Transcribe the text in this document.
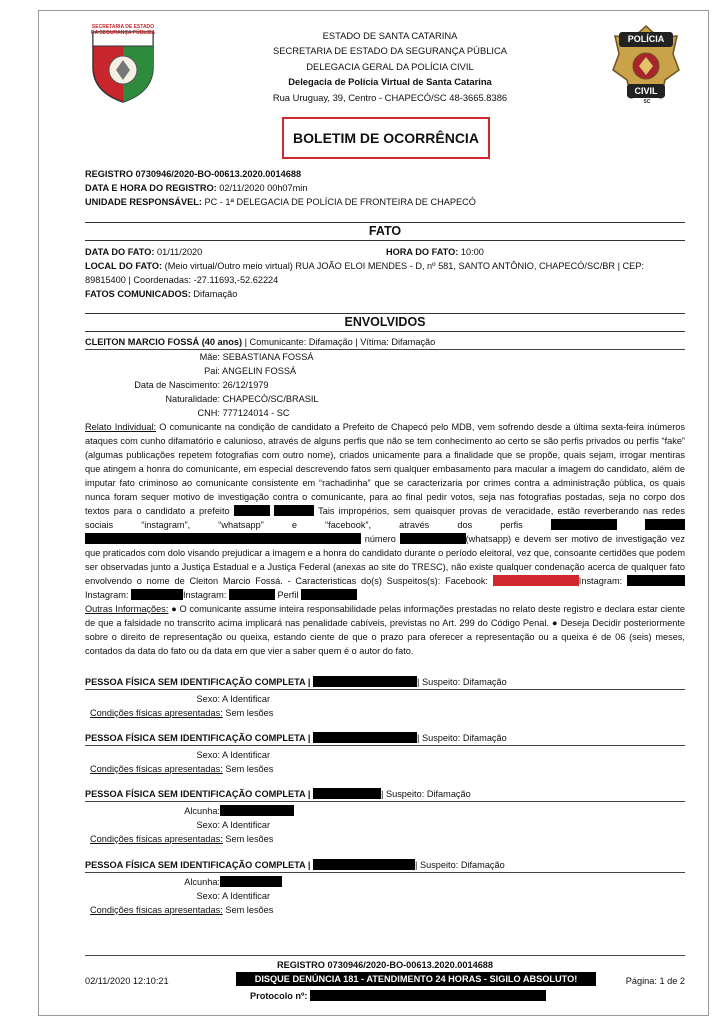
SECRETARIA DE ESTADO DA SEGURANÇA PÚBLICA
POLÍCIA
CIVIL
SC
ESTADO DE SANTA CATARINA
SECRETARIA DE ESTADO DA SEGURANÇA PÚBLICA
DELEGACIA GERAL DA POLÍCIA CIVIL
Delegacia de Polícia Virtual de Santa Catarina
Rua Uruguay, 39, Centro - CHAPECÓ/SC 48-3665.8386
BOLETIM DE OCORRÊNCIA
REGISTRO 0730946/2020-BO-00613.2020.0014688
DATA E HORA DO REGISTRO: 02/11/2020 00h07min
UNIDADE RESPONSÁVEL: PC - 1ª DELEGACIA DE POLÍCIA DE FRONTEIRA DE CHAPECÓ
FATO
DATA DO FATO: 01/11/2020	HORA DO FATO: 10:00
LOCAL DO FATO: (Meio virtual/Outro meio virtual) RUA JOÃO ELOI MENDES - D, nº 581, SANTO ANTÔNIO, CHAPECÓ/SC/BR | CEP:
89815400 | Coordenadas: -27.11693,-52.62224
FATOS COMUNICADOS: Difamação
ENVOLVIDOS
CLEITON MARCIO FOSSÁ (40 anos) | Comunicante: Difamação | Vítima: Difamação
Mãe: SEBASTIANA FOSSÁ
Pai: ANGELIN FOSSÁ
Data de Nascimento: 26/12/1979
Naturalidade: CHAPECÓ/SC/BRASIL
CNH: 777124014 - SC

Relato Individual: O comunicante na condição de candidato a Prefeito de Chapecó pelo MDB, vem sofrendo desde a última sexta-feira inúmeros ataques com cunho difamatório e calunioso, através de alguns perfis que não se tem conhecimento ao certo se são perfis privados ou perfis “fake” (algumas publicações repetem fotografias com outro nome), criados unicamente para a finalidade que se propõe, quais sejam, irrogar mentiras que atingem a honra do comunicante, em especial descrevendo fatos sem qualquer embasamento para macular a imagem do candidato, além de imputar fato criminoso ao comunicante consistente em “rachadinha” que se caracterizaria por crimes contra a administração pública, os quais nunca foram sequer motivo de investigação contra o comunicante, para ao final pedir votos, seja nas fotografias postadas, seja no corpo dos textos para o candidato a prefeito	Tais impropérios, sem quaisquer provas de veracidade, estão reverberando nas redes sociais “instagram”, “whatsapp” e “facebook”, através dos perfis    número	(whatsapp) e devem ser motivo de investigação vez que praticados com dolo visando prejudicar a imagem e a honra do candidato durante o período eleitoral, vez que, consoante certidões que podem ser observadas junto a Justiça Estadual e a Justiça Federal (anexas ao site do TRESC), não existe qualquer condenação acerca de qualquer fato envolvendo o nome de Cleiton Marcio Fossá. - Caracteristicas do(s) Suspeitos(s): Facebook:	Instagram: Instagram:	Instagram:	Perfil

Outras Informações: ● O comunicante assume inteira responsabilidade pelas informações prestadas no relato deste registro e declara estar ciente de que a falsidade no transcrito acima implicará nas penalidade cabíveis, previstas no Art. 299 do Código Penal. ● Deseja Decidir posteriormente sobre o direito de representação ou queixa, estando ciente de que o prazo para oferecer a representação ou a queixa é de 06 (seis) meses, contados da data do fato ou da data em que vier a saber quem é o autor do fato.

PESSOA FÍSICA SEM IDENTIFICAÇÃO COMPLETA |	| Suspeito: Difamação
Sexo: A Identificar
Condições físicas apresentadas: Sem lesões
PESSOA FÍSICA SEM IDENTIFICAÇÃO COMPLETA |	| Suspeito: Difamação
Sexo: A Identificar
Condições físicas apresentadas: Sem lesões
PESSOA FÍSICA SEM IDENTIFICAÇÃO COMPLETA |	| Suspeito: Difamação
Alcunha:
Sexo: A Identificar
Condições físicas apresentadas: Sem lesões
PESSOA FÍSICA SEM IDENTIFICAÇÃO COMPLETA |	| Suspeito: Difamação
Alcunha:
Sexo: A Identificar
Condições físicas apresentadas: Sem lesões
REGISTRO 0730946/2020-BO-00613.2020.0014688
02/11/2020 12:10:21	DISQUE DENÚNCIA 181 - ATENDIMENTO 24 HORAS - SIGILO ABSOLUTO!	Página: 1 de 2
Protocolo nº:
